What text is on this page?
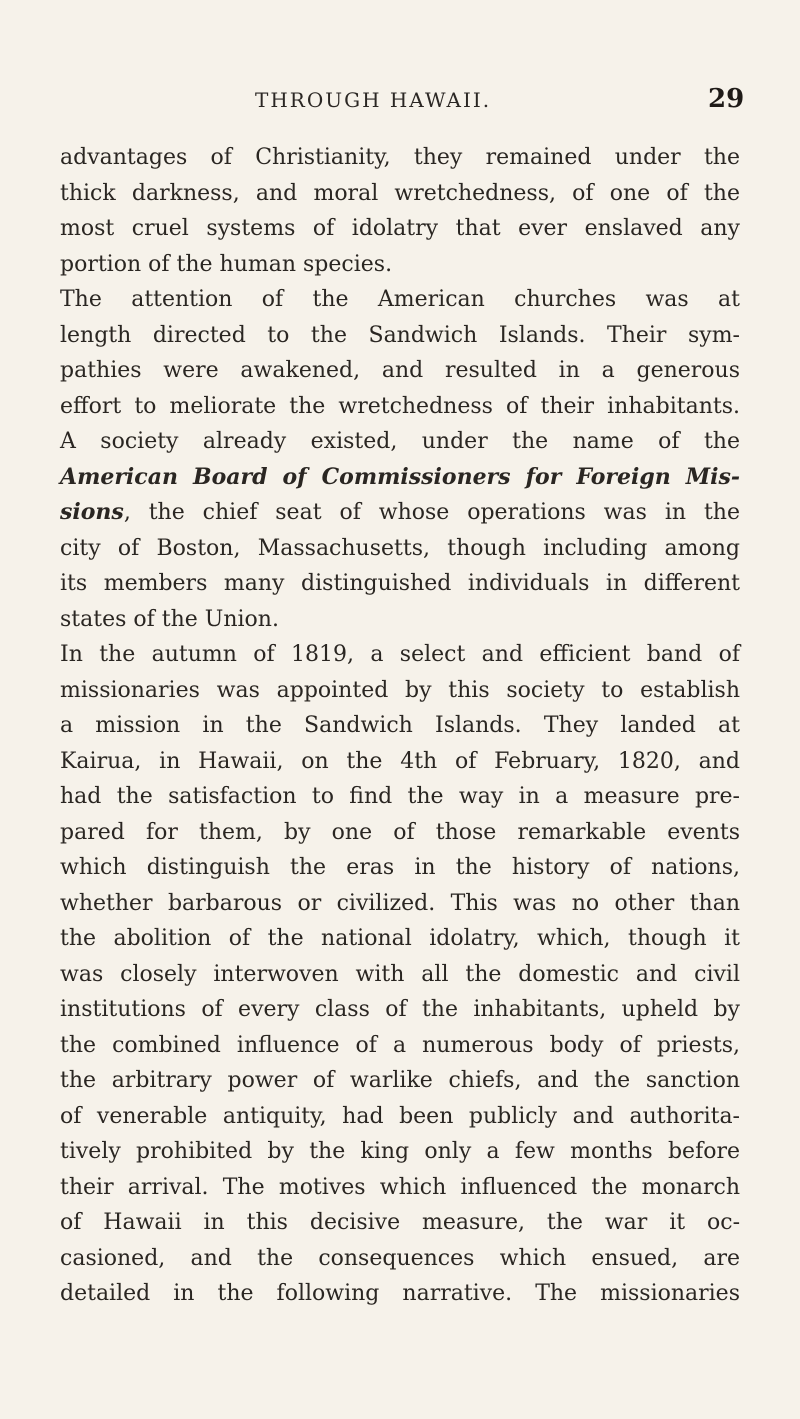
THROUGH HAWAII.	29
advantages of Christianity, they remained under the
thick darkness, and moral wretchedness, of one of the
most cruel systems of idolatry that ever enslaved any
portion of the human species.
The attention of the American churches was at
length directed to the Sandwich Islands. Their sym-
pathies were awakened, and resulted in a generous
effort to meliorate the wretchedness of their inhabitants.
A society already existed, under the name of the
American Board of Commissioners for Foreign Mis-
sions, the chief seat of whose operations was in the
city of Boston, Massachusetts, though including among
its members many distinguished individuals in different
states of the Union.
In the autumn of 1819, a select and efficient band of
missionaries was appointed by this society to establish
a mission in the Sandwich Islands. They landed at
Kairua, in Hawaii, on the 4th of February, 1820, and
had the satisfaction to find the way in a measure pre-
pared for them, by one of those remarkable events
which distinguish the eras in the history of nations,
whether barbarous or civilized. This was no other than
the abolition of the national idolatry, which, though it
was closely interwoven with all the domestic and civil
institutions of every class of the inhabitants, upheld by
the combined influence of a numerous body of priests,
the arbitrary power of warlike chiefs, and the sanction
of venerable antiquity, had been publicly and authorita-
tively prohibited by the king only a few months before
their arrival. The motives which influenced the monarch
of Hawaii in this decisive measure, the war it oc-
casioned, and the consequences which ensued, are
detailed in the following narrative. The missionaries
